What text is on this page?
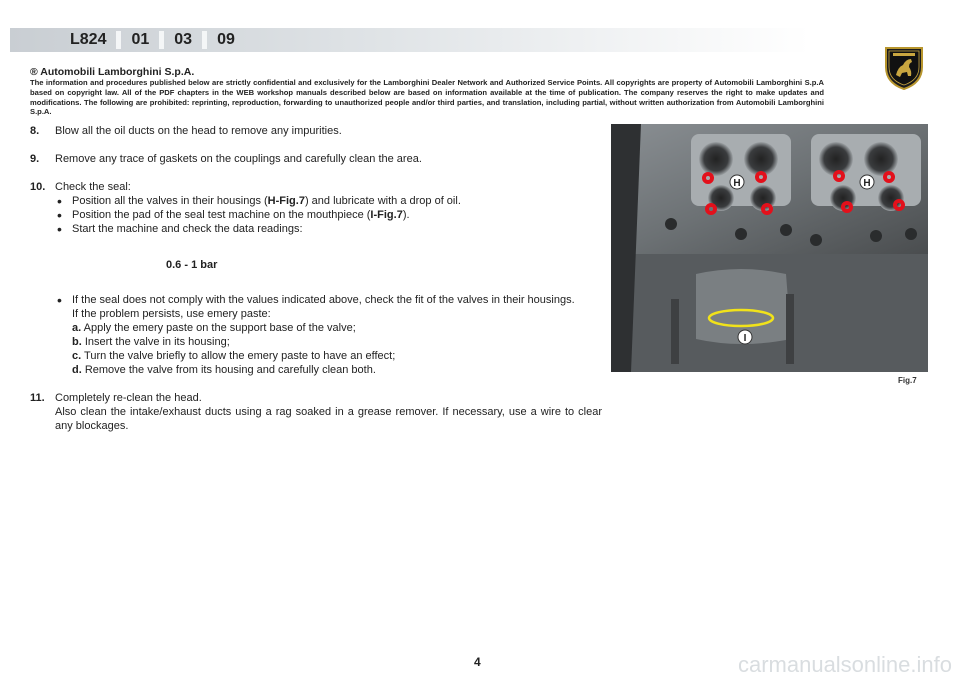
L824 01 03 09
® Automobili Lamborghini S.p.A.
The information and procedures published below are strictly confidential and exclusively for the Lamborghini Dealer Network and Authorized Service Points. All copyrights are property of Automobili Lamborghini S.p.A based on copyright law. All of the PDF chapters in the WEB workshop manuals described below are based on information available at the time of publication. The company reserves the right to make updates and modifications. The following are prohibited: reprinting, reproduction, forwarding to unauthorized people and/or third parties, and translation, including partial, without written authorization from Automobili Lamborghini S.p.A.
8. Blow all the oil ducts on the head to remove any impurities.
9. Remove any trace of gaskets on the couplings and carefully clean the area.
10. Check the seal:
• Position all the valves in their housings (H-Fig.7) and lubricate with a drop of oil.
• Position the pad of the seal test machine on the mouthpiece (I-Fig.7).
• Start the machine and check the data readings:
0.6 - 1 bar
• If the seal does not comply with the values indicated above, check the fit of the valves in their housings.
If the problem persists, use emery paste:
a. Apply the emery paste on the support base of the valve;
b. Insert the valve in its housing;
c. Turn the valve briefly to allow the emery paste to have an effect;
d. Remove the valve from its housing and carefully clean both.
11. Completely re-clean the head.
Also clean the intake/exhaust ducts using a rag soaked in a grease remover. If necessary, use a wire to clear any blockages.
H	H
I
Fig.7
4	carmanualsonline.info
